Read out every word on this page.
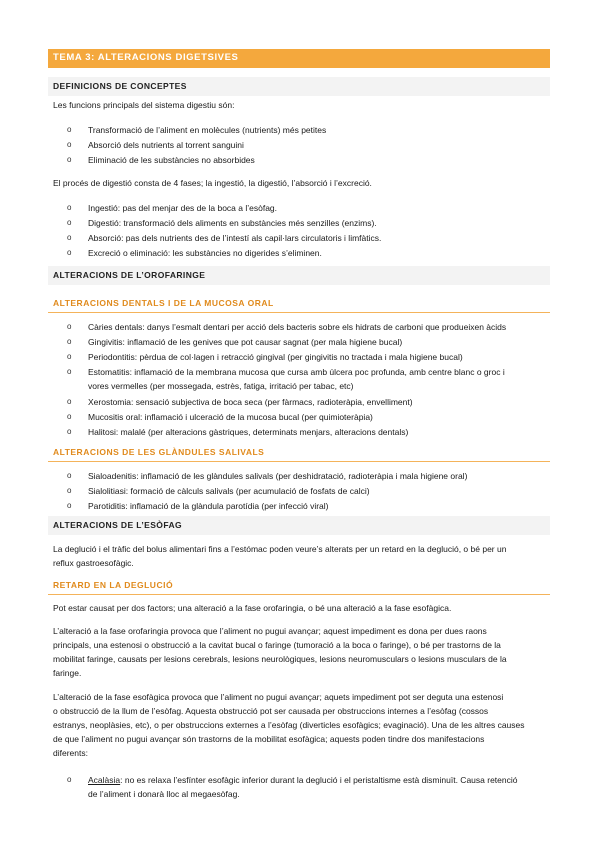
TEMA 3: ALTERACIONS DIGETSIVES
DEFINICIONS DE CONCEPTES
Les funcions principals del sistema digestiu són:
o Transformació de l’aliment en molècules (nutrients) més petites
o Absorció dels nutrients al torrent sanguini
o Eliminació de les substàncies no absorbides
El procés de digestió consta de 4 fases; la ingestió, la digestió, l’absorció i l’excreció.
o Ingestió: pas del menjar des de la boca a l’esòfag.
o Digestió: transformació dels aliments en substàncies més senzilles (enzims).
o Absorció: pas dels nutrients des de l’intestí als capil·lars circulatoris i limfàtics.
o Excreció o eliminació: les substàncies no digerides s’eliminen.
ALTERACIONS DE L’OROFARINGE
ALTERACIONS DENTALS I DE LA MUCOSA ORAL
o Càries dentals: danys l’esmalt dentari per acció dels bacteris sobre els hidrats de carboni que produeixen àcids
o Gingivitis: inflamació de les genives que pot causar sagnat (per mala higiene bucal)
o Periodontitis: pèrdua de col·lagen i retracció gingival (per gingivitis no tractada i mala higiene bucal)
o Estomatitis: inflamació de la membrana mucosa que cursa amb úlcera poc profunda, amb centre blanc o groc i
vores vermelles (per mossegada, estrès, fatiga, irritació per tabac, etc)
o Xerostomia: sensació subjectiva de boca seca (per fàrmacs, radioteràpia, envelliment)
o Mucositis oral: inflamació i ulceració de la mucosa bucal (per quimioteràpia)
o Halitosi: malalé (per alteracions gàstriques, determinats menjars, alteracions dentals)
ALTERACIONS DE LES GLÀNDULES SALIVALS
o Sialoadenitis: inflamació de les glàndules salivals (per deshidratació, radioteràpia i mala higiene oral)
o Sialolitiasi: formació de càlculs salivals (per acumulació de fosfats de calci)
o Parotiditis: inflamació de la glàndula parotídia (per infecció viral)
ALTERACIONS DE L’ESÒFAG
La deglució i el tràfic del bolus alimentari fins a l’estómac poden veure’s alterats per un retard en la deglució, o bé per un
reflux gastroesofàgic.
RETARD EN LA DEGLUCIÓ
Pot estar causat per dos factors; una alteració a la fase orofaringia, o bé una alteració a la fase esofàgica.
L’alteració a la fase orofaringia provoca que l’aliment no pugui avançar; aquest impediment es dona per dues raons
principals, una estenosi o obstrucció a la cavitat bucal o faringe (tumoració a la boca o faringe), o bé per trastorns de la
mobilitat faringe, causats per lesions cerebrals, lesions neurològiques, lesions neuromusculars o lesions musculars de la
faringe.
L’alteració de la fase esofàgica provoca que l’aliment no pugui avançar; aquets impediment pot ser deguta una estenosi
o obstrucció de la llum de l’esòfag. Aquesta obstrucció pot ser causada per obstruccions internes a l’esòfag (cossos
estranys, neoplàsies, etc), o per obstruccions externes a l’esòfag (diverticles esofàgics; evaginació). Una de les altres causes
de que l’aliment no pugui avançar són trastorns de la mobilitat esofàgica; aquests poden tindre dos manifestacions
diferents:
o Acalàsia: no es relaxa l’esfínter esofàgic inferior durant la deglució i el peristaltisme està disminuït. Causa retenció
de l’aliment i donarà lloc al megaesòfag.
